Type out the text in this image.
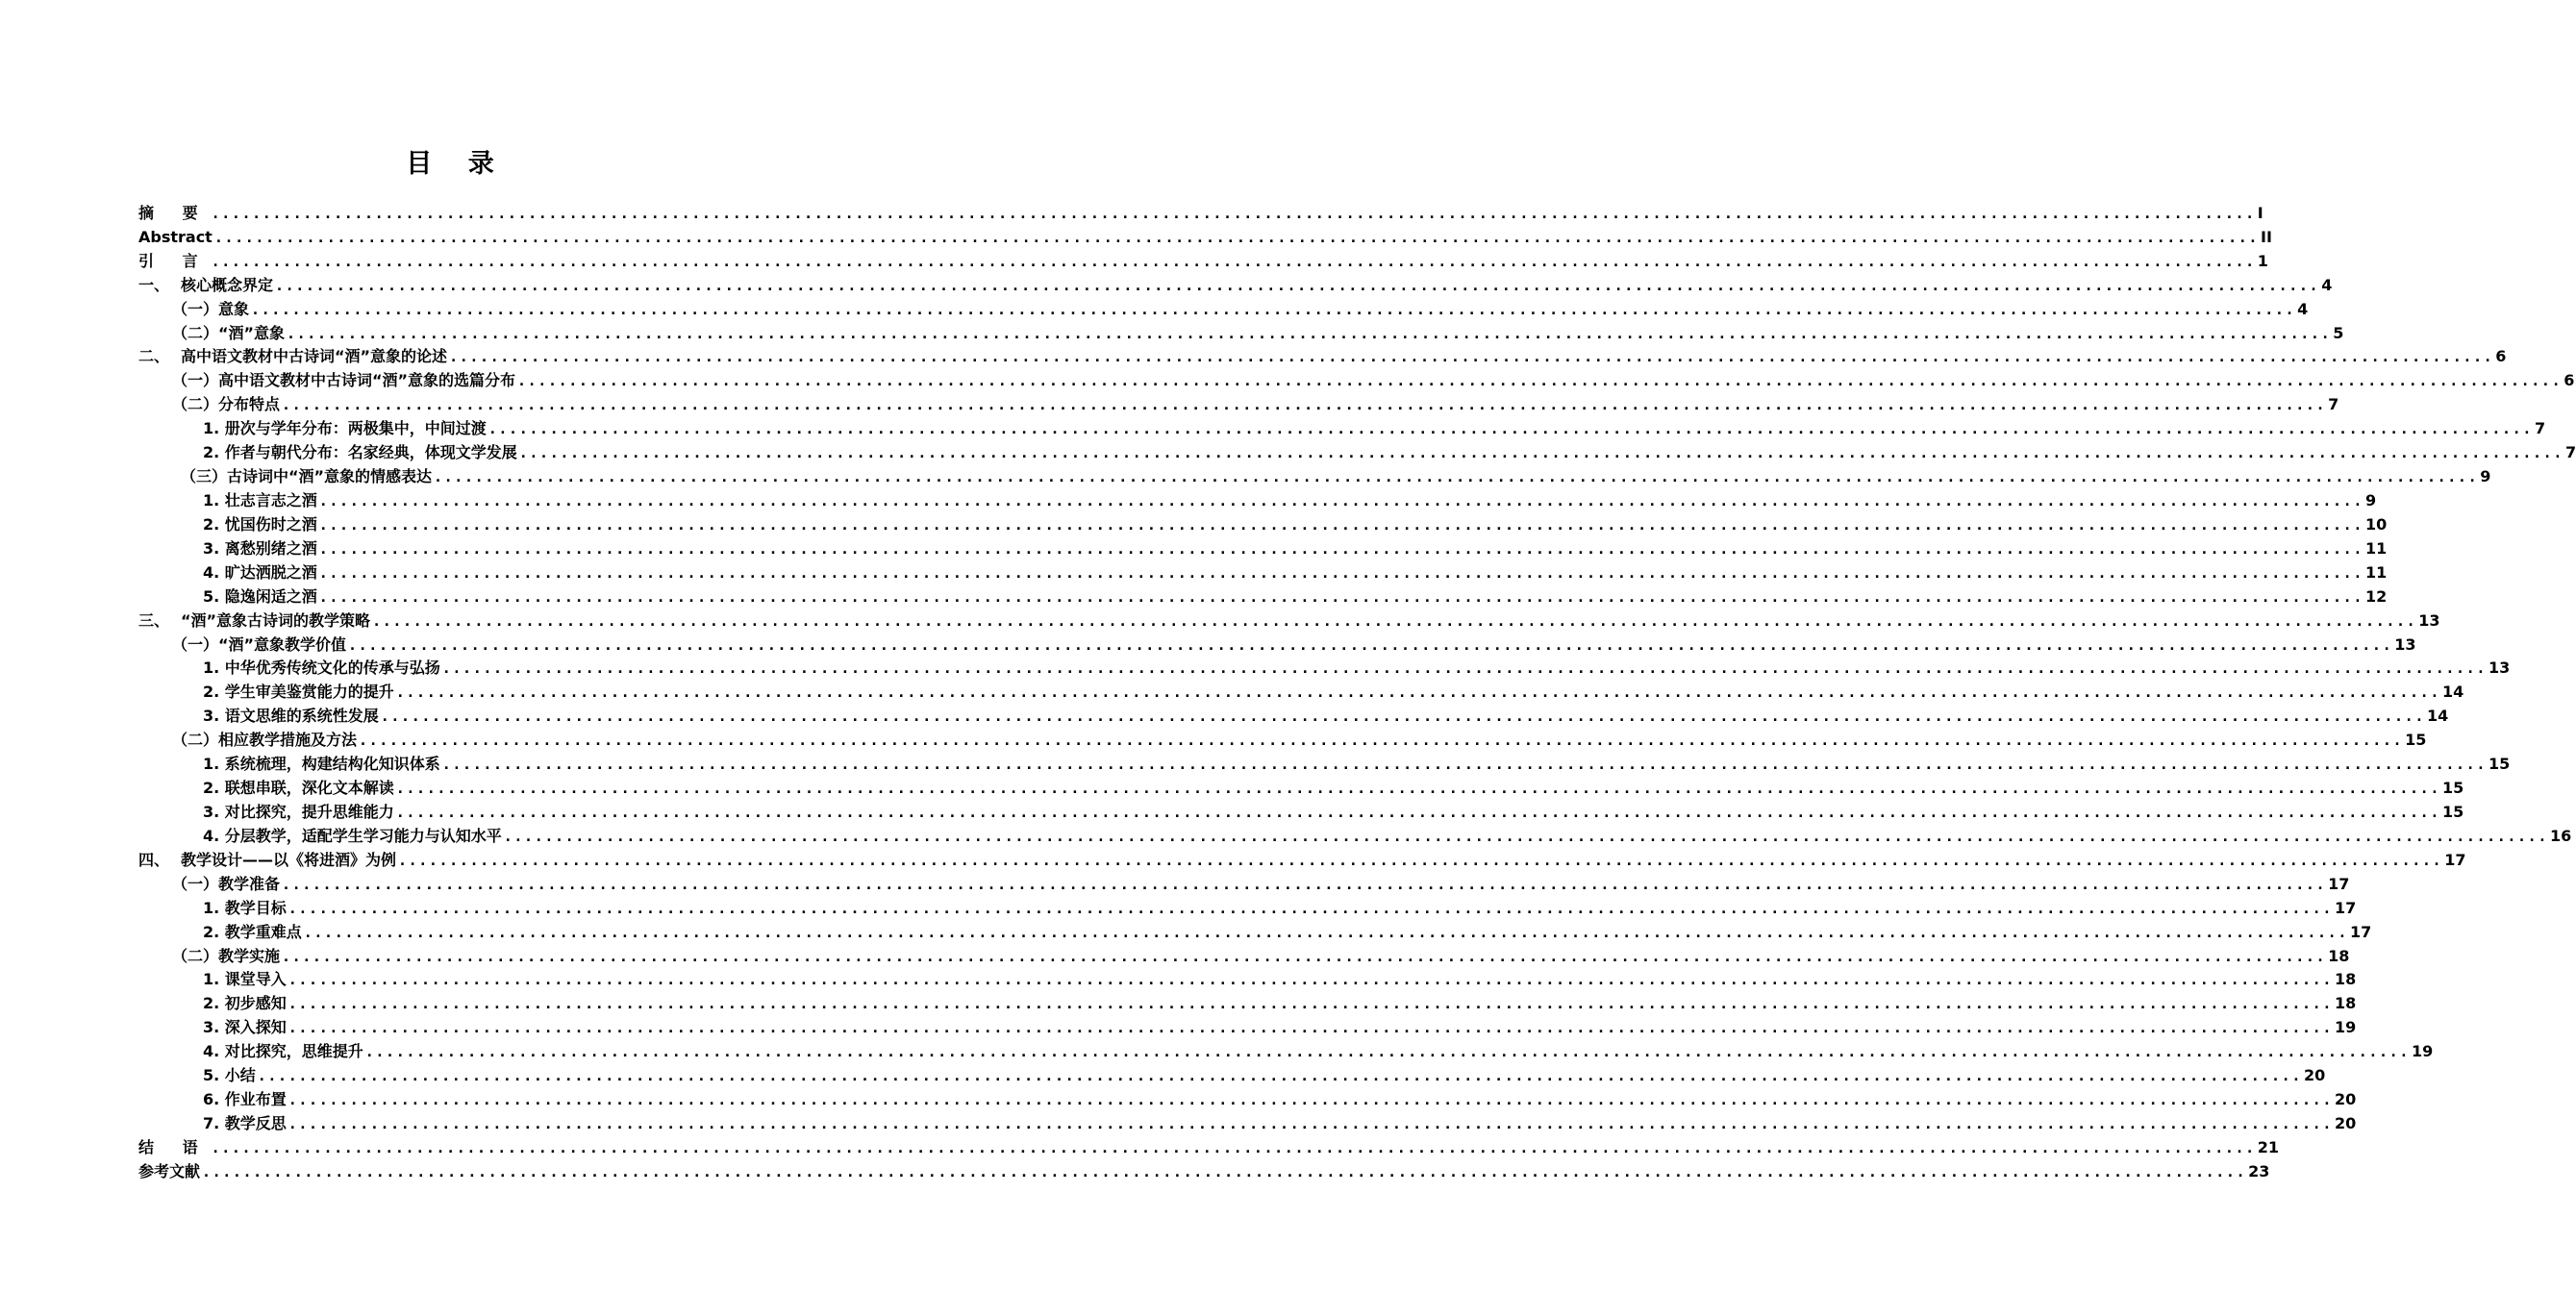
目 录
摘 要 ........................................................................................................................................................................................................ I
Abstract ........................................................................................................................................................................................................ II
引 言 ........................................................................................................................................................................................................ 1
一、 核心概念界定 ........................................................................................................................................................................................................ 4
（一）意象 ........................................................................................................................................................................................................ 4
（二）“酒”意象 ........................................................................................................................................................................................................ 5
二、 高中语文教材中古诗词“酒”意象的论述 ........................................................................................................................................................................................................ 6
（一）高中语文教材中古诗词“酒”意象的选篇分布 ........................................................................................................................................................................................................ 6
（二）分布特点 ........................................................................................................................................................................................................ 7
1. 册次与学年分布：两极集中，中间过渡 ........................................................................................................................................................................................................ 7
2. 作者与朝代分布：名家经典，体现文学发展 ........................................................................................................................................................................................................ 7
（三）古诗词中“酒”意象的情感表达 ........................................................................................................................................................................................................ 9
1. 壮志言志之酒 ........................................................................................................................................................................................................ 9
2. 忧国伤时之酒 ........................................................................................................................................................................................................ 10
3. 离愁别绪之酒 ........................................................................................................................................................................................................ 11
4. 旷达洒脱之酒 ........................................................................................................................................................................................................ 11
5. 隐逸闲适之酒 ........................................................................................................................................................................................................ 12
三、 “酒”意象古诗词的教学策略 ........................................................................................................................................................................................................ 13
（一）“酒”意象教学价值 ........................................................................................................................................................................................................ 13
1. 中华优秀传统文化的传承与弘扬 ........................................................................................................................................................................................................ 13
2. 学生审美鉴赏能力的提升 ........................................................................................................................................................................................................ 14
3. 语文思维的系统性发展 ........................................................................................................................................................................................................ 14
（二）相应教学措施及方法 ........................................................................................................................................................................................................ 15
1. 系统梳理，构建结构化知识体系 ........................................................................................................................................................................................................ 15
2. 联想串联，深化文本解读 ........................................................................................................................................................................................................ 15
3. 对比探究，提升思维能力 ........................................................................................................................................................................................................ 15
4. 分层教学，适配学生学习能力与认知水平 ........................................................................................................................................................................................................ 16
四、 教学设计——以《将进酒》为例 ........................................................................................................................................................................................................ 17
（一）教学准备 ........................................................................................................................................................................................................ 17
1. 教学目标 ........................................................................................................................................................................................................ 17
2. 教学重难点 ........................................................................................................................................................................................................ 17
（二）教学实施 ........................................................................................................................................................................................................ 18
1. 课堂导入 ........................................................................................................................................................................................................ 18
2. 初步感知 ........................................................................................................................................................................................................ 18
3. 深入探知 ........................................................................................................................................................................................................ 19
4. 对比探究，思维提升 ........................................................................................................................................................................................................ 19
5. 小结 ........................................................................................................................................................................................................ 20
6. 作业布置 ........................................................................................................................................................................................................ 20
7. 教学反思 ........................................................................................................................................................................................................ 20
结 语 ........................................................................................................................................................................................................ 21
参考文献 ........................................................................................................................................................................................................ 23
